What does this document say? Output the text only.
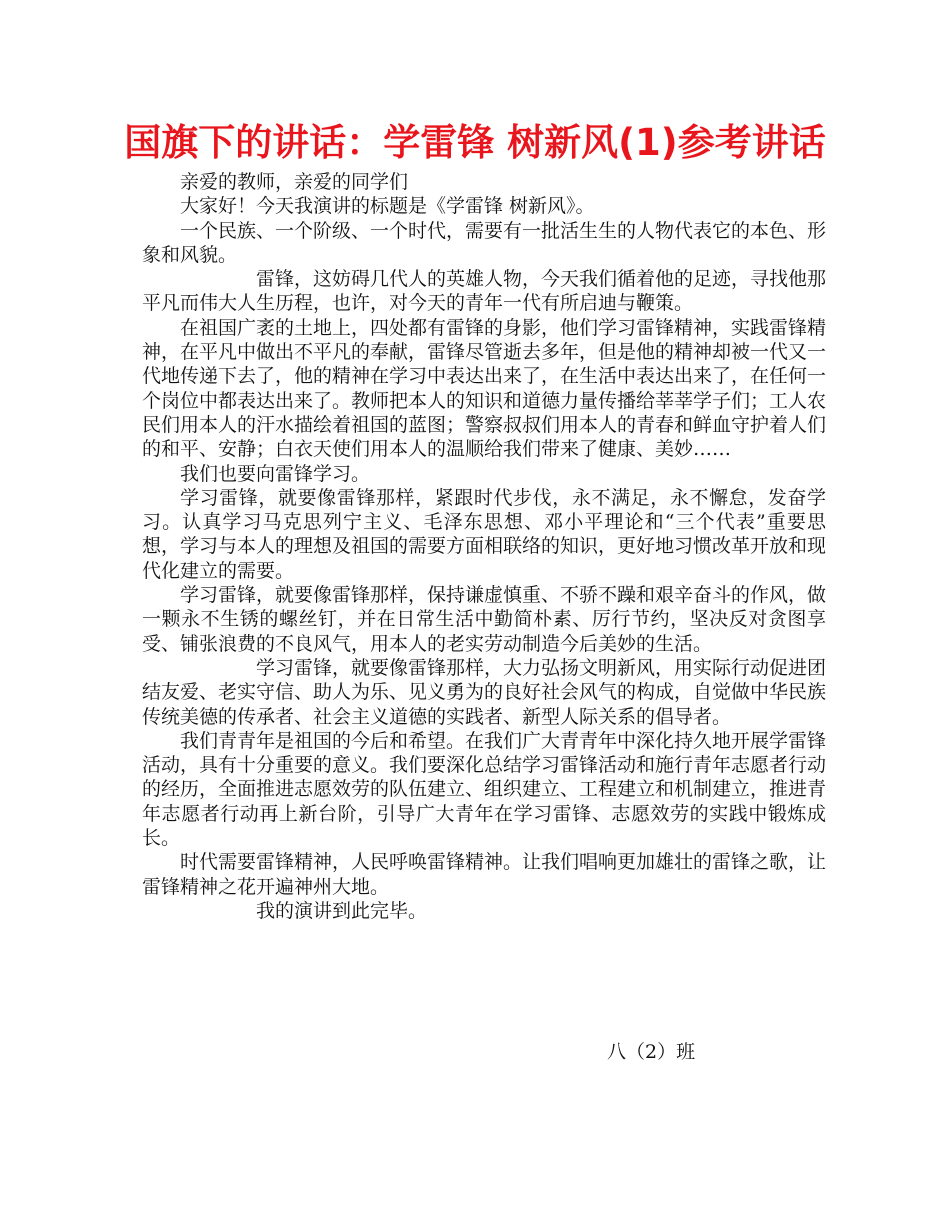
国旗下的讲话：学雷锋 树新风(1)参考讲话

亲爱的教师，亲爱的同学们

大家好！今天我演讲的标题是《学雷锋 树新风》。

一个民族、一个阶级、一个时代，需要有一批活生生的人物代表它的本色、形象和风貌。

雷锋，这妨碍几代人的英雄人物，今天我们循着他的足迹，寻找他那平凡而伟大人生历程，也许，对今天的青年一代有所启迪与鞭策。

在祖国广袤的土地上，四处都有雷锋的身影，他们学习雷锋精神，实践雷锋精神，在平凡中做出不平凡的奉献，雷锋尽管逝去多年，但是他的精神却被一代又一代地传递下去了，他的精神在学习中表达出来了，在生活中表达出来了，在任何一个岗位中都表达出来了。教师把本人的知识和道德力量传播给莘莘学子们；工人农民们用本人的汗水描绘着祖国的蓝图；警察叔叔们用本人的青春和鲜血守护着人们的和平、安静；白衣天使们用本人的温顺给我们带来了健康、美妙……

我们也要向雷锋学习。

学习雷锋，就要像雷锋那样，紧跟时代步伐，永不满足，永不懈怠，发奋学习。认真学习马克思列宁主义、毛泽东思想、邓小平理论和“三个代表”重要思想，学习与本人的理想及祖国的需要方面相联络的知识，更好地习惯改革开放和现代化建立的需要。

学习雷锋，就要像雷锋那样，保持谦虚慎重、不骄不躁和艰辛奋斗的作风，做一颗永不生锈的螺丝钉，并在日常生活中勤简朴素、厉行节约，坚决反对贪图享受、铺张浪费的不良风气，用本人的老实劳动制造今后美妙的生活。

学习雷锋，就要像雷锋那样，大力弘扬文明新风，用实际行动促进团结友爱、老实守信、助人为乐、见义勇为的良好社会风气的构成，自觉做中华民族传统美德的传承者、社会主义道德的实践者、新型人际关系的倡导者。

我们青青年是祖国的今后和希望。在我们广大青青年中深化持久地开展学雷锋活动，具有十分重要的意义。我们要深化总结学习雷锋活动和施行青年志愿者行动的经历，全面推进志愿效劳的队伍建立、组织建立、工程建立和机制建立，推进青年志愿者行动再上新台阶，引导广大青年在学习雷锋、志愿效劳的实践中锻炼成长。

时代需要雷锋精神，人民呼唤雷锋精神。让我们唱响更加雄壮的雷锋之歌，让雷锋精神之花开遍神州大地。

我的演讲到此完毕。

八（2）班
